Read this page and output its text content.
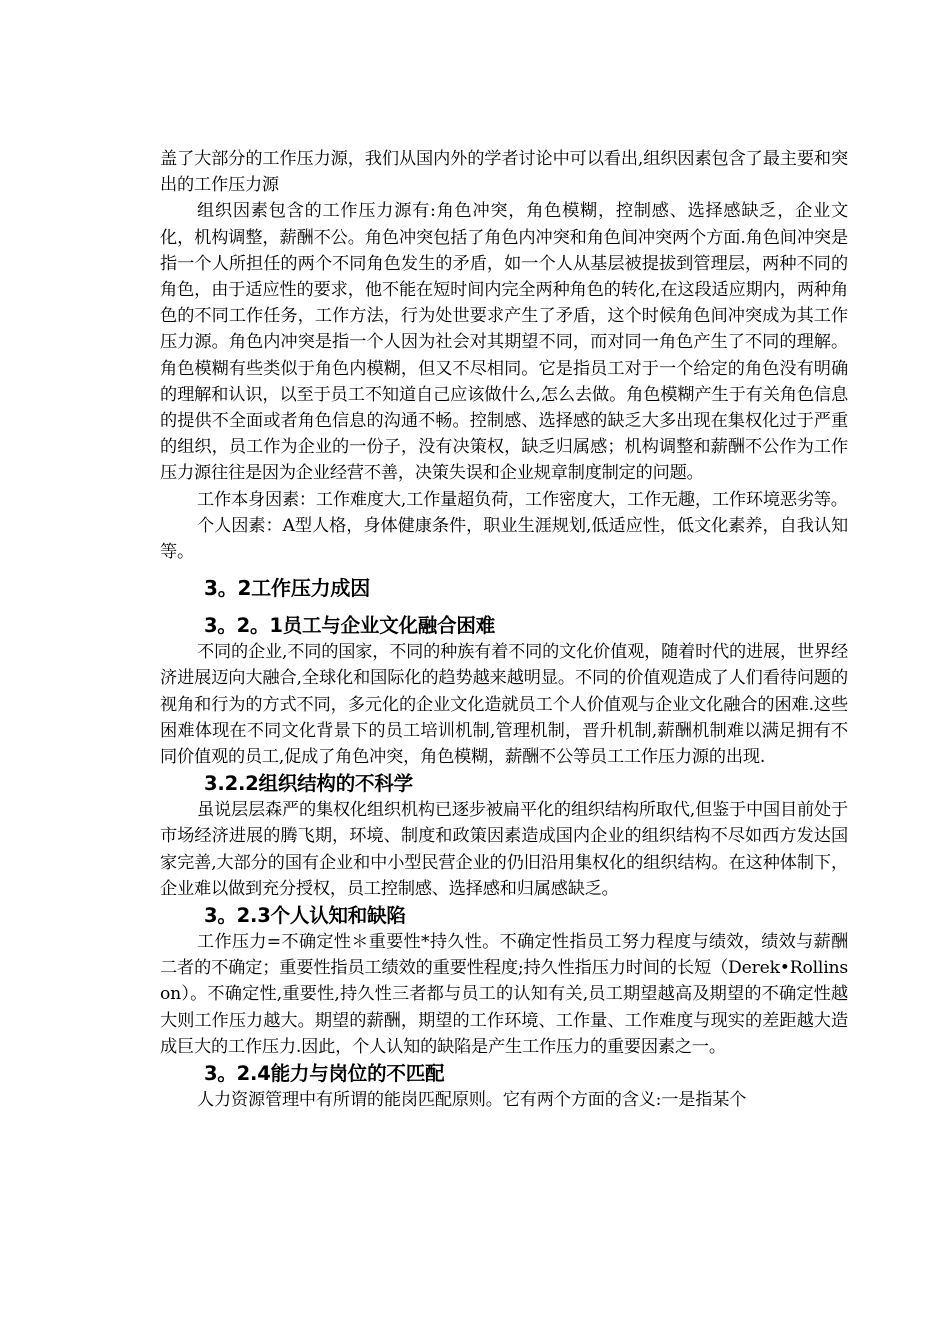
盖了大部分的工作压力源，我们从国内外的学者讨论中可以看出,组织因素包含了最主要和突出的工作压力源

组织因素包含的工作压力源有:角色冲突，角色模糊，控制感、选择感缺乏，企业文化，机构调整，薪酬不公。角色冲突包括了角色内冲突和角色间冲突两个方面.角色间冲突是指一个人所担任的两个不同角色发生的矛盾，如一个人从基层被提拔到管理层，两种不同的角色，由于适应性的要求，他不能在短时间内完全两种角色的转化,在这段适应期内，两种角色的不同工作任务，工作方法，行为处世要求产生了矛盾，这个时候角色间冲突成为其工作压力源。角色内冲突是指一个人因为社会对其期望不同，而对同一角色产生了不同的理解。角色模糊有些类似于角色内模糊，但又不尽相同。它是指员工对于一个给定的角色没有明确的理解和认识，以至于员工不知道自己应该做什么,怎么去做。角色模糊产生于有关角色信息的提供不全面或者角色信息的沟通不畅。控制感、选择感的缺乏大多出现在集权化过于严重的组织，员工作为企业的一份子，没有决策权，缺乏归属感；机构调整和薪酬不公作为工作压力源往往是因为企业经营不善，决策失误和企业规章制度制定的问题。

工作本身因素：工作难度大,工作量超负荷，工作密度大，工作无趣，工作环境恶劣等。

个人因素：A型人格，身体健康条件，职业生涯规划,低适应性，低文化素养，自我认知等。

3。2工作压力成因
3。2。1员工与企业文化融合困难

不同的企业,不同的国家，不同的种族有着不同的文化价值观，随着时代的进展，世界经济进展迈向大融合,全球化和国际化的趋势越来越明显。不同的价值观造成了人们看待问题的视角和行为的方式不同，多元化的企业文化造就员工个人价值观与企业文化融合的困难.这些困难体现在不同文化背景下的员工培训机制,管理机制，晋升机制,薪酬机制难以满足拥有不同价值观的员工,促成了角色冲突，角色模糊，薪酬不公等员工工作压力源的出现.

3.2.2组织结构的不科学

虽说层层森严的集权化组织机构已逐步被扁平化的组织结构所取代,但鉴于中国目前处于市场经济进展的腾飞期，环境、制度和政策因素造成国内企业的组织结构不尽如西方发达国家完善,大部分的国有企业和中小型民营企业的仍旧沿用集权化的组织结构。在这种体制下，企业难以做到充分授权，员工控制感、选择感和归属感缺乏。

3。2.3个人认知和缺陷

工作压力=不确定性＊重要性*持久性。不确定性指员工努力程度与绩效，绩效与薪酬二者的不确定；重要性指员工绩效的重要性程度;持久性指压力时间的长短（Derek•Rollinson）。不确定性,重要性,持久性三者都与员工的认知有关,员工期望越高及期望的不确定性越大则工作压力越大。期望的薪酬，期望的工作环境、工作量、工作难度与现实的差距越大造成巨大的工作压力.因此，个人认知的缺陷是产生工作压力的重要因素之一。

3。2.4能力与岗位的不匹配

人力资源管理中有所谓的能岗匹配原则。它有两个方面的含义:一是指某个
